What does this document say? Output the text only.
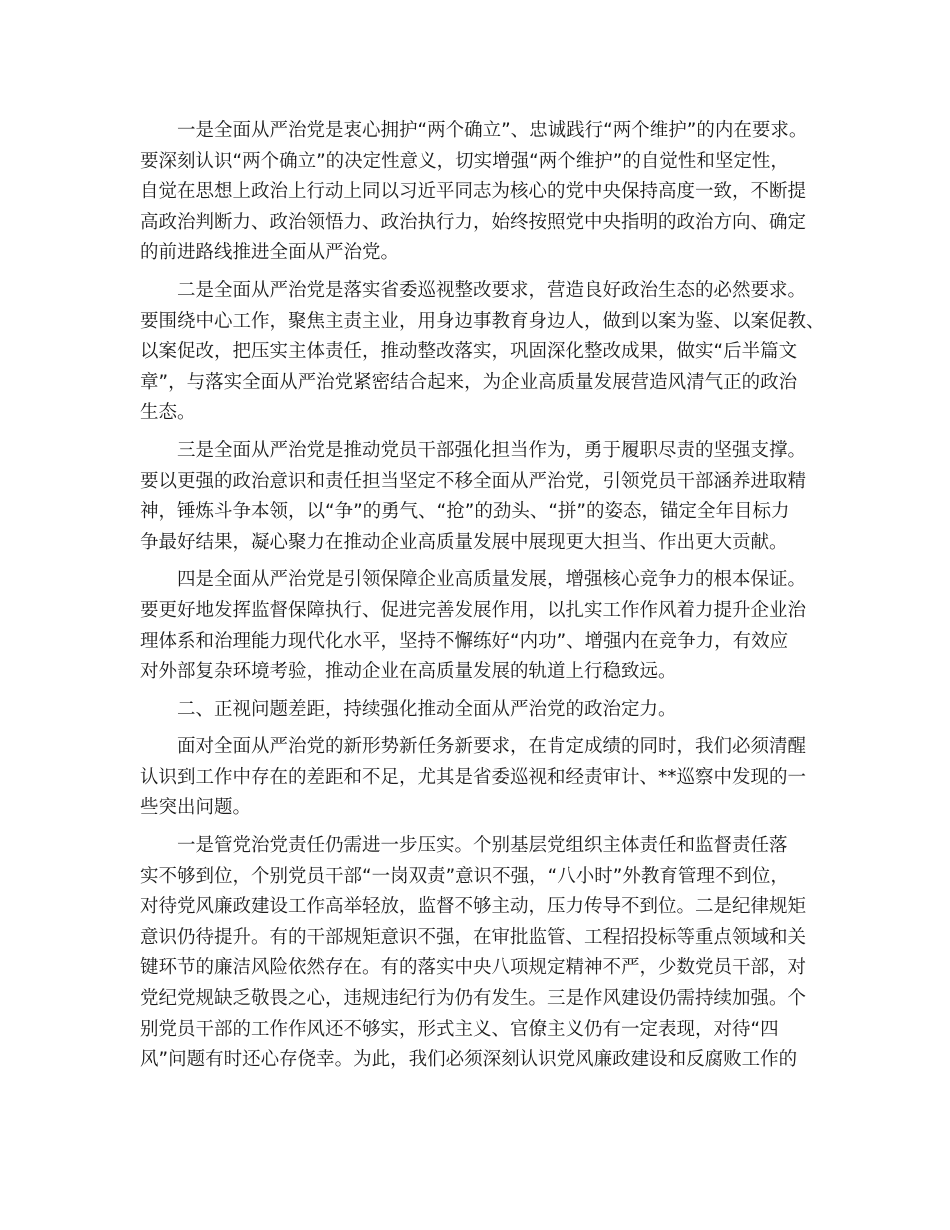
一是全面从严治党是衷心拥护“两个确立”、忠诚践行“两个维护”的内在要求。
要深刻认识“两个确立”的决定性意义，切实增强“两个维护”的自觉性和坚定性，
自觉在思想上政治上行动上同以习近平同志为核心的党中央保持高度一致，不断提
高政治判断力、政治领悟力、政治执行力，始终按照党中央指明的政治方向、确定
的前进路线推进全面从严治党。
二是全面从严治党是落实省委巡视整改要求，营造良好政治生态的必然要求。
要围绕中心工作，聚焦主责主业，用身边事教育身边人，做到以案为鉴、以案促教、
以案促改，把压实主体责任，推动整改落实，巩固深化整改成果，做实“后半篇文
章”，与落实全面从严治党紧密结合起来，为企业高质量发展营造风清气正的政治
生态。
三是全面从严治党是推动党员干部强化担当作为，勇于履职尽责的坚强支撑。
要以更强的政治意识和责任担当坚定不移全面从严治党，引领党员干部涵养进取精
神，锤炼斗争本领，以“争”的勇气、“抢”的劲头、“拼”的姿态，锚定全年目标力
争最好结果，凝心聚力在推动企业高质量发展中展现更大担当、作出更大贡献。
四是全面从严治党是引领保障企业高质量发展，增强核心竞争力的根本保证。
要更好地发挥监督保障执行、促进完善发展作用，以扎实工作作风着力提升企业治
理体系和治理能力现代化水平，坚持不懈练好“内功”、增强内在竞争力，有效应
对外部复杂环境考验，推动企业在高质量发展的轨道上行稳致远。
二、正视问题差距，持续强化推动全面从严治党的政治定力。
面对全面从严治党的新形势新任务新要求，在肯定成绩的同时，我们必须清醒
认识到工作中存在的差距和不足，尤其是省委巡视和经责审计、**巡察中发现的一
些突出问题。
一是管党治党责任仍需进一步压实。个别基层党组织主体责任和监督责任落
实不够到位，个别党员干部“一岗双责”意识不强，“八小时”外教育管理不到位，
对待党风廉政建设工作高举轻放，监督不够主动，压力传导不到位。二是纪律规矩
意识仍待提升。有的干部规矩意识不强，在审批监管、工程招投标等重点领域和关
键环节的廉洁风险依然存在。有的落实中央八项规定精神不严，少数党员干部，对
党纪党规缺乏敬畏之心，违规违纪行为仍有发生。三是作风建设仍需持续加强。个
别党员干部的工作作风还不够实，形式主义、官僚主义仍有一定表现，对待“四
风”问题有时还心存侥幸。为此，我们必须深刻认识党风廉政建设和反腐败工作的
